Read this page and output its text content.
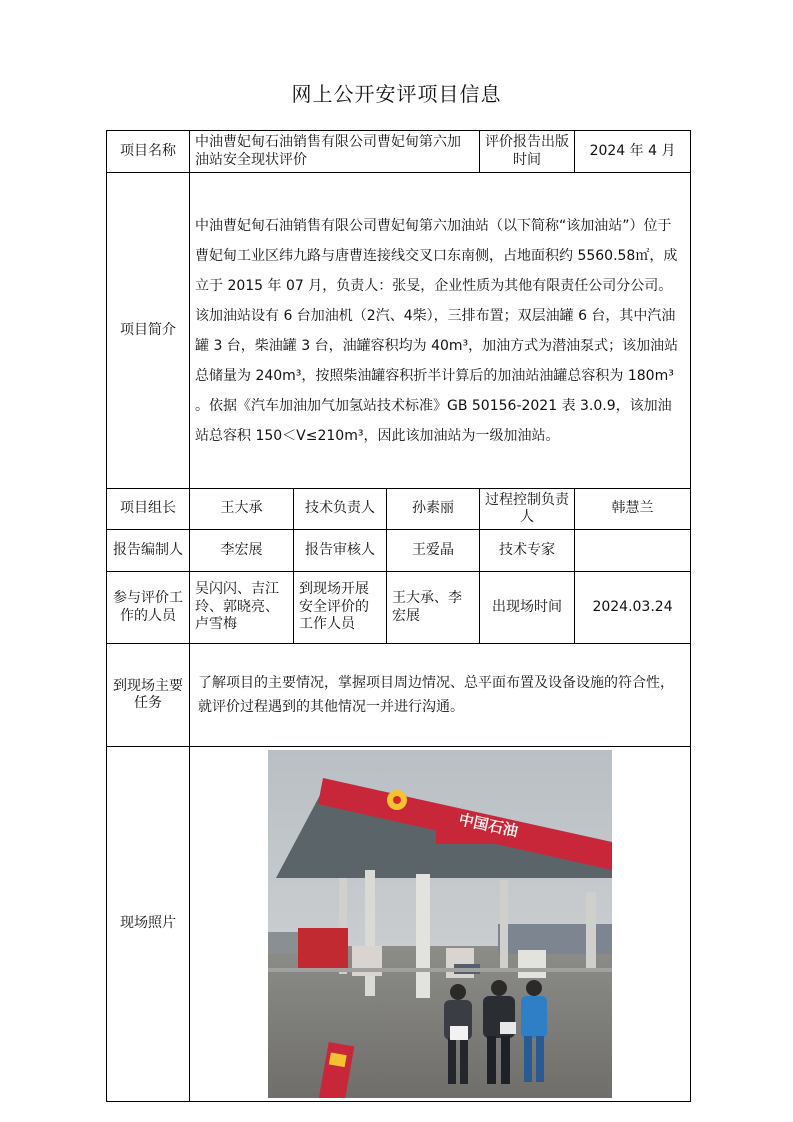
网上公开安评项目信息
项目名称	中油曹妃甸石油销售有限公司曹妃甸第六加油站安全现状评价			评价报告出版时间	2024 年 4 月
项目简介	中油曹妃甸石油销售有限公司曹妃甸第六加油站（以下简称“该加油站”）位于曹妃甸工业区纬九路与唐曹连接线交叉口东南侧，占地面积约 5560.58㎡，成立于 2015 年 07 月，负责人：张旻，企业性质为其他有限责任公司分公司。

该加油站设有 6 台加油机（2汽、4柴），三排布置；双层油罐 6 台，其中汽油罐 3 台，柴油罐 3 台，油罐容积均为 40m³，加油方式为潜油泵式；该加油站总储量为 240m³，按照柴油罐容积折半计算后的加油站油罐总容积为 180m³ 。依据《汽车加油加气加氢站技术标准》GB 50156-2021 表 3.0.9，该加油站总容积 150＜V≤210m³，因此该加油站为一级加油站。				

项目组长	王大承	技术负责人	孙素丽	过程控制负责人	韩慧兰
报告编制人	李宏展	报告审核人	王爱晶	技术专家	
参与评价工作的人员	吴闪闪、吉江玲、郭晓亮、卢雪梅	到现场开展安全评价的工作人员	王大承、李宏展	出现场时间	2024.03.24
到现场主要任务	了解项目的主要情况，掌握项目周边情况、总平面布置及设备设施的符合性，就评价过程遇到的其他情况一并进行沟通。				
现场照片	中国石油				
